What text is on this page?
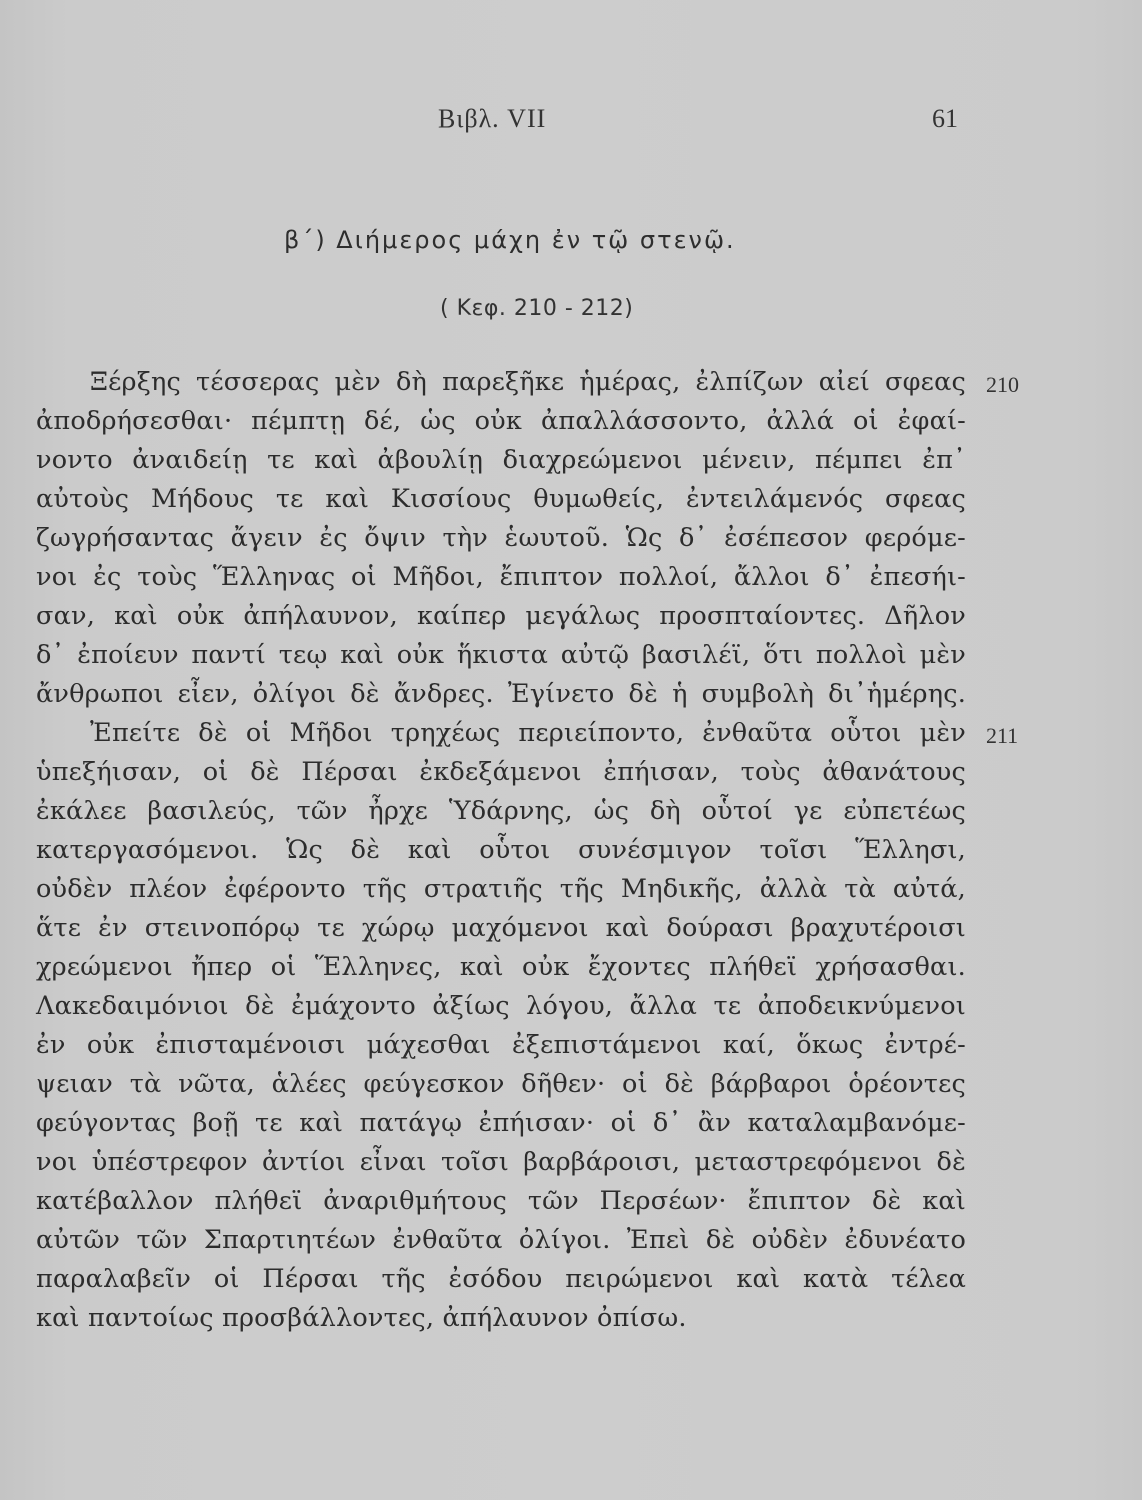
Βιβλ. VII	61
β΄) Διήμερος μάχη ἐν τῷ στενῷ.
( Κεφ. 210 - 212)
210
211
Ξέρξης τέσσερας μὲν δὴ παρεξῆκε ἡμέρας, ἐλπίζων αἰεί σφεας
ἀποδρήσεσθαι· πέμπτῃ δέ, ὡς οὐκ ἀπαλλάσσοντο, ἀλλά οἱ ἐφαί-
νοντο ἀναιδείῃ τε καὶ ἀβουλίῃ διαχρεώμενοι μένειν, πέμπει ἐπ᾽
αὐτοὺς Μήδους τε καὶ Κισσίους θυμωθείς, ἐντειλάμενός σφεας
ζωγρήσαντας ἄγειν ἐς ὄψιν τὴν ἑωυτοῦ. Ὡς δ᾽ ἐσέπεσον φερόμε-
νοι ἐς τοὺς Ἕλληνας οἱ Μῆδοι, ἔπιπτον πολλοί, ἄλλοι δ᾽ ἐπεσήι-
σαν, καὶ οὐκ ἀπήλαυνον, καίπερ μεγάλως προσπταίοντες. Δῆλον
δ᾽ ἐποίευν παντί τεῳ καὶ οὐκ ἥκιστα αὐτῷ βασιλέϊ, ὅτι πολλοὶ μὲν
ἄνθρωποι εἶεν, ὀλίγοι δὲ ἄνδρες. Ἐγίνετο δὲ ἡ συμβολὴ δι᾽ἡμέρης.
Ἐπείτε δὲ οἱ Μῆδοι τρηχέως περιείποντο, ἐνθαῦτα οὗτοι μὲν
ὑπεξήισαν, οἱ δὲ Πέρσαι ἐκδεξάμενοι ἐπήισαν, τοὺς ἀθανάτους
ἐκάλεε βασιλεύς, τῶν ἦρχε Ὑδάρνης, ὡς δὴ οὗτοί γε εὐπετέως
κατεργασόμενοι. Ὡς δὲ καὶ οὗτοι συνέσμιγον τοῖσι Ἕλλησι,
οὐδὲν πλέον ἐφέροντο τῆς στρατιῆς τῆς Μηδικῆς, ἀλλὰ τὰ αὐτά,
ἅτε ἐν στεινοπόρῳ τε χώρῳ μαχόμενοι καὶ δούρασι βραχυτέροισι
χρεώμενοι ἤπερ οἱ Ἕλληνες, καὶ οὐκ ἔχοντες πλήθεϊ χρήσασθαι.
Λακεδαιμόνιοι δὲ ἐμάχοντο ἀξίως λόγου, ἄλλα τε ἀποδεικνύμενοι
ἐν οὐκ ἐπισταμένοισι μάχεσθαι ἐξεπιστάμενοι καί, ὅκως ἐντρέ-
ψειαν τὰ νῶτα, ἁλέες φεύγεσκον δῆθεν· οἱ δὲ βάρβαροι ὁρέοντες
φεύγοντας βοῇ τε καὶ πατάγῳ ἐπήισαν· οἱ δ᾽ ἂν καταλαμβανόμε-
νοι ὑπέστρεφον ἀντίοι εἶναι τοῖσι βαρβάροισι, μεταστρεφόμενοι δὲ
κατέβαλλον πλήθεϊ ἀναριθμήτους τῶν Περσέων· ἔπιπτον δὲ καὶ
αὐτῶν τῶν Σπαρτιητέων ἐνθαῦτα ὀλίγοι. Ἐπεὶ δὲ οὐδὲν ἐδυνέατο
παραλαβεῖν οἱ Πέρσαι τῆς ἐσόδου πειρώμενοι καὶ κατὰ τέλεα
καὶ παντοίως προσβάλλοντες, ἀπήλαυνον ὀπίσω.
